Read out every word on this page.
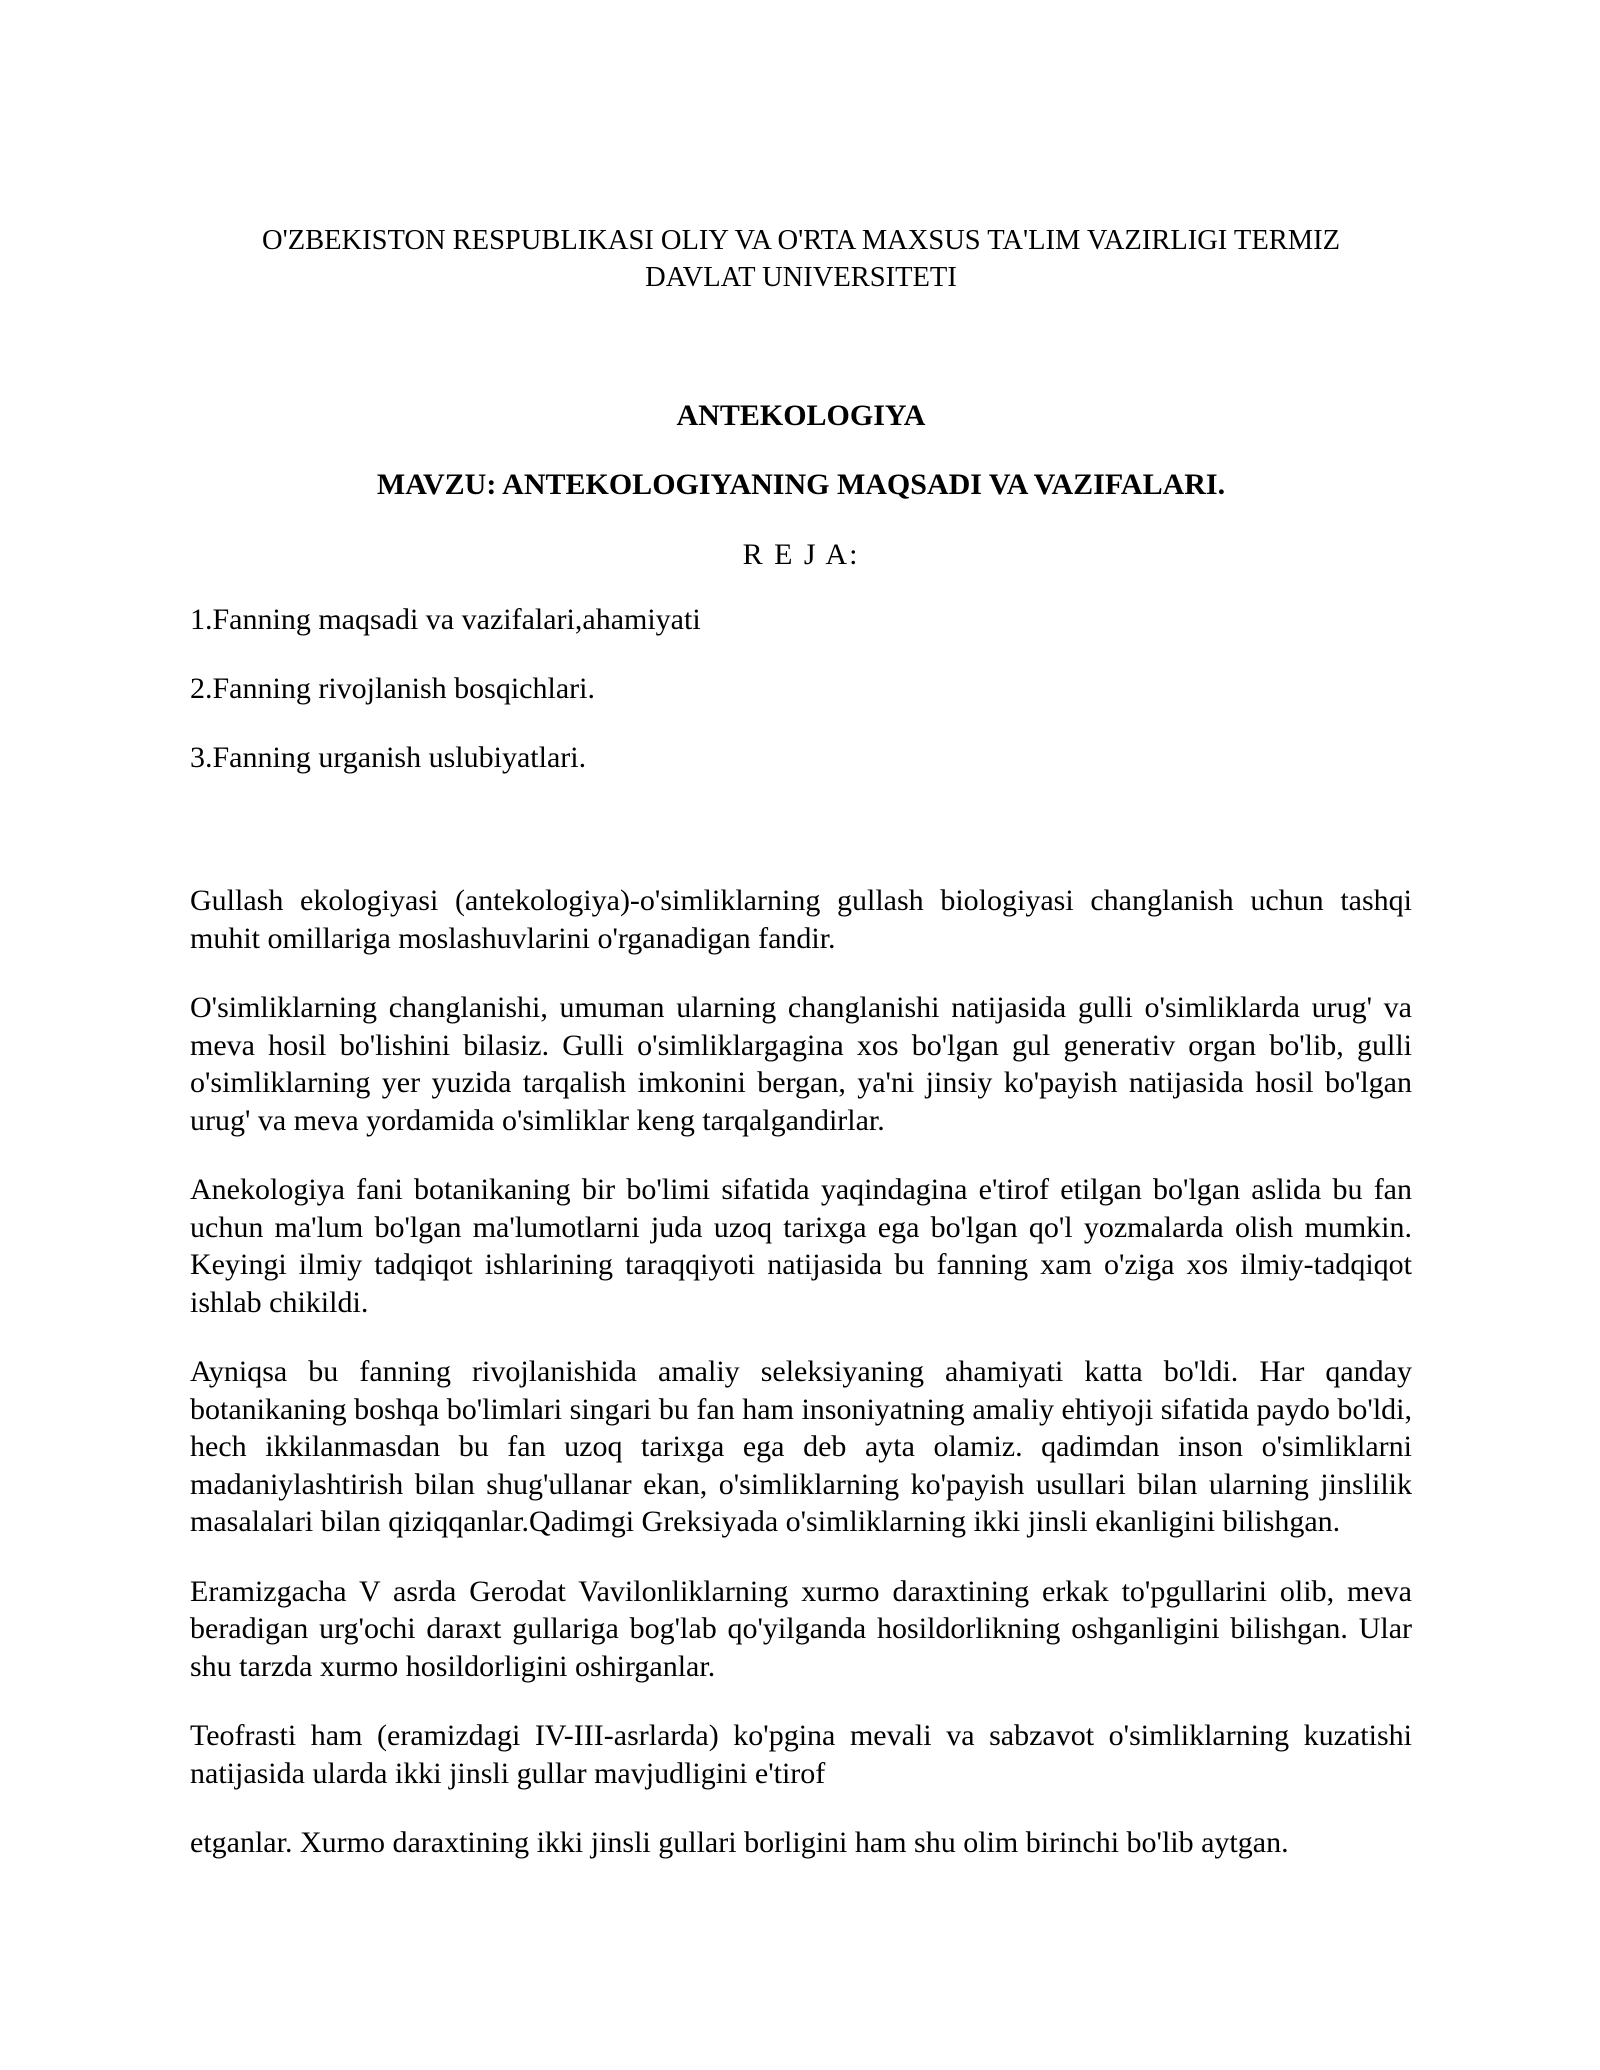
O'ZBEKISTON RESPUBLIKASI OLIY VA O'RTA MAXSUS TA'LIM VAZIRLIGI TERMIZ
DAVLAT UNIVERSITETI

ANTEKOLOGIYA

MAVZU: ANTEKOLOGIYANING MAQSADI VA VAZIFALARI.

R E J A:

1.Fanning maqsadi va vazifalari,ahamiyati
2.Fanning rivojlanish bosqichlari.
3.Fanning urganish uslubiyatlari.

Gullash ekologiyasi (antekologiya)-o'simliklarning gullash biologiyasi changlanish uchun tashqi muhit omillariga moslashuvlarini o'rganadigan fandir.

O'simliklarning changlanishi, umuman ularning changlanishi natijasida gulli o'simliklarda urug' va meva hosil bo'lishini bilasiz. Gulli o'simliklargagina xos bo'lgan gul generativ organ bo'lib, gulli o'simliklarning yer yuzida tarqalish imkonini bergan, ya'ni jinsiy ko'payish natijasida hosil bo'lgan urug' va meva yordamida o'simliklar keng tarqalgandirlar.

Anekologiya fani botanikaning bir bo'limi sifatida yaqindagina e'tirof etilgan bo'lgan aslida bu fan uchun ma'lum bo'lgan ma'lumotlarni juda uzoq tarixga ega bo'lgan qo'l yozmalarda olish mumkin. Keyingi ilmiy tadqiqot ishlarining taraqqiyoti natijasida bu fanning xam o'ziga xos ilmiy-tadqiqot ishlab chikildi.

Ayniqsa bu fanning rivojlanishida amaliy seleksiyaning ahamiyati katta bo'ldi. Har qanday botanikaning boshqa bo'limlari singari bu fan ham insoniyatning amaliy ehtiyoji sifatida paydo bo'ldi, hech ikkilanmasdan bu fan uzoq tarixga ega deb ayta olamiz. qadimdan inson o'simliklarni madaniylashtirish bilan shug'ullanar ekan, o'simliklarning ko'payish usullari bilan ularning jinslilik masalalari bilan qiziqqanlar.Qadimgi Greksiyada o'simliklarning ikki jinsli ekanligini bilishgan.

Eramizgacha V asrda Gerodat Vavilonliklarning xurmo daraxtining erkak to'pgullarini olib, meva beradigan urg'ochi daraxt gullariga bog'lab qo'yilganda hosildorlikning oshganligini bilishgan. Ular shu tarzda xurmo hosildorligini oshirganlar.

Teofrasti ham (eramizdagi IV-III-asrlarda) ko'pgina mevali va sabzavot o'simliklarning kuzatishi natijasida ularda ikki jinsli gullar mavjudligini e'tirof

etganlar. Xurmo daraxtining ikki jinsli gullari borligini ham shu olim birinchi bo'lib aytgan.
